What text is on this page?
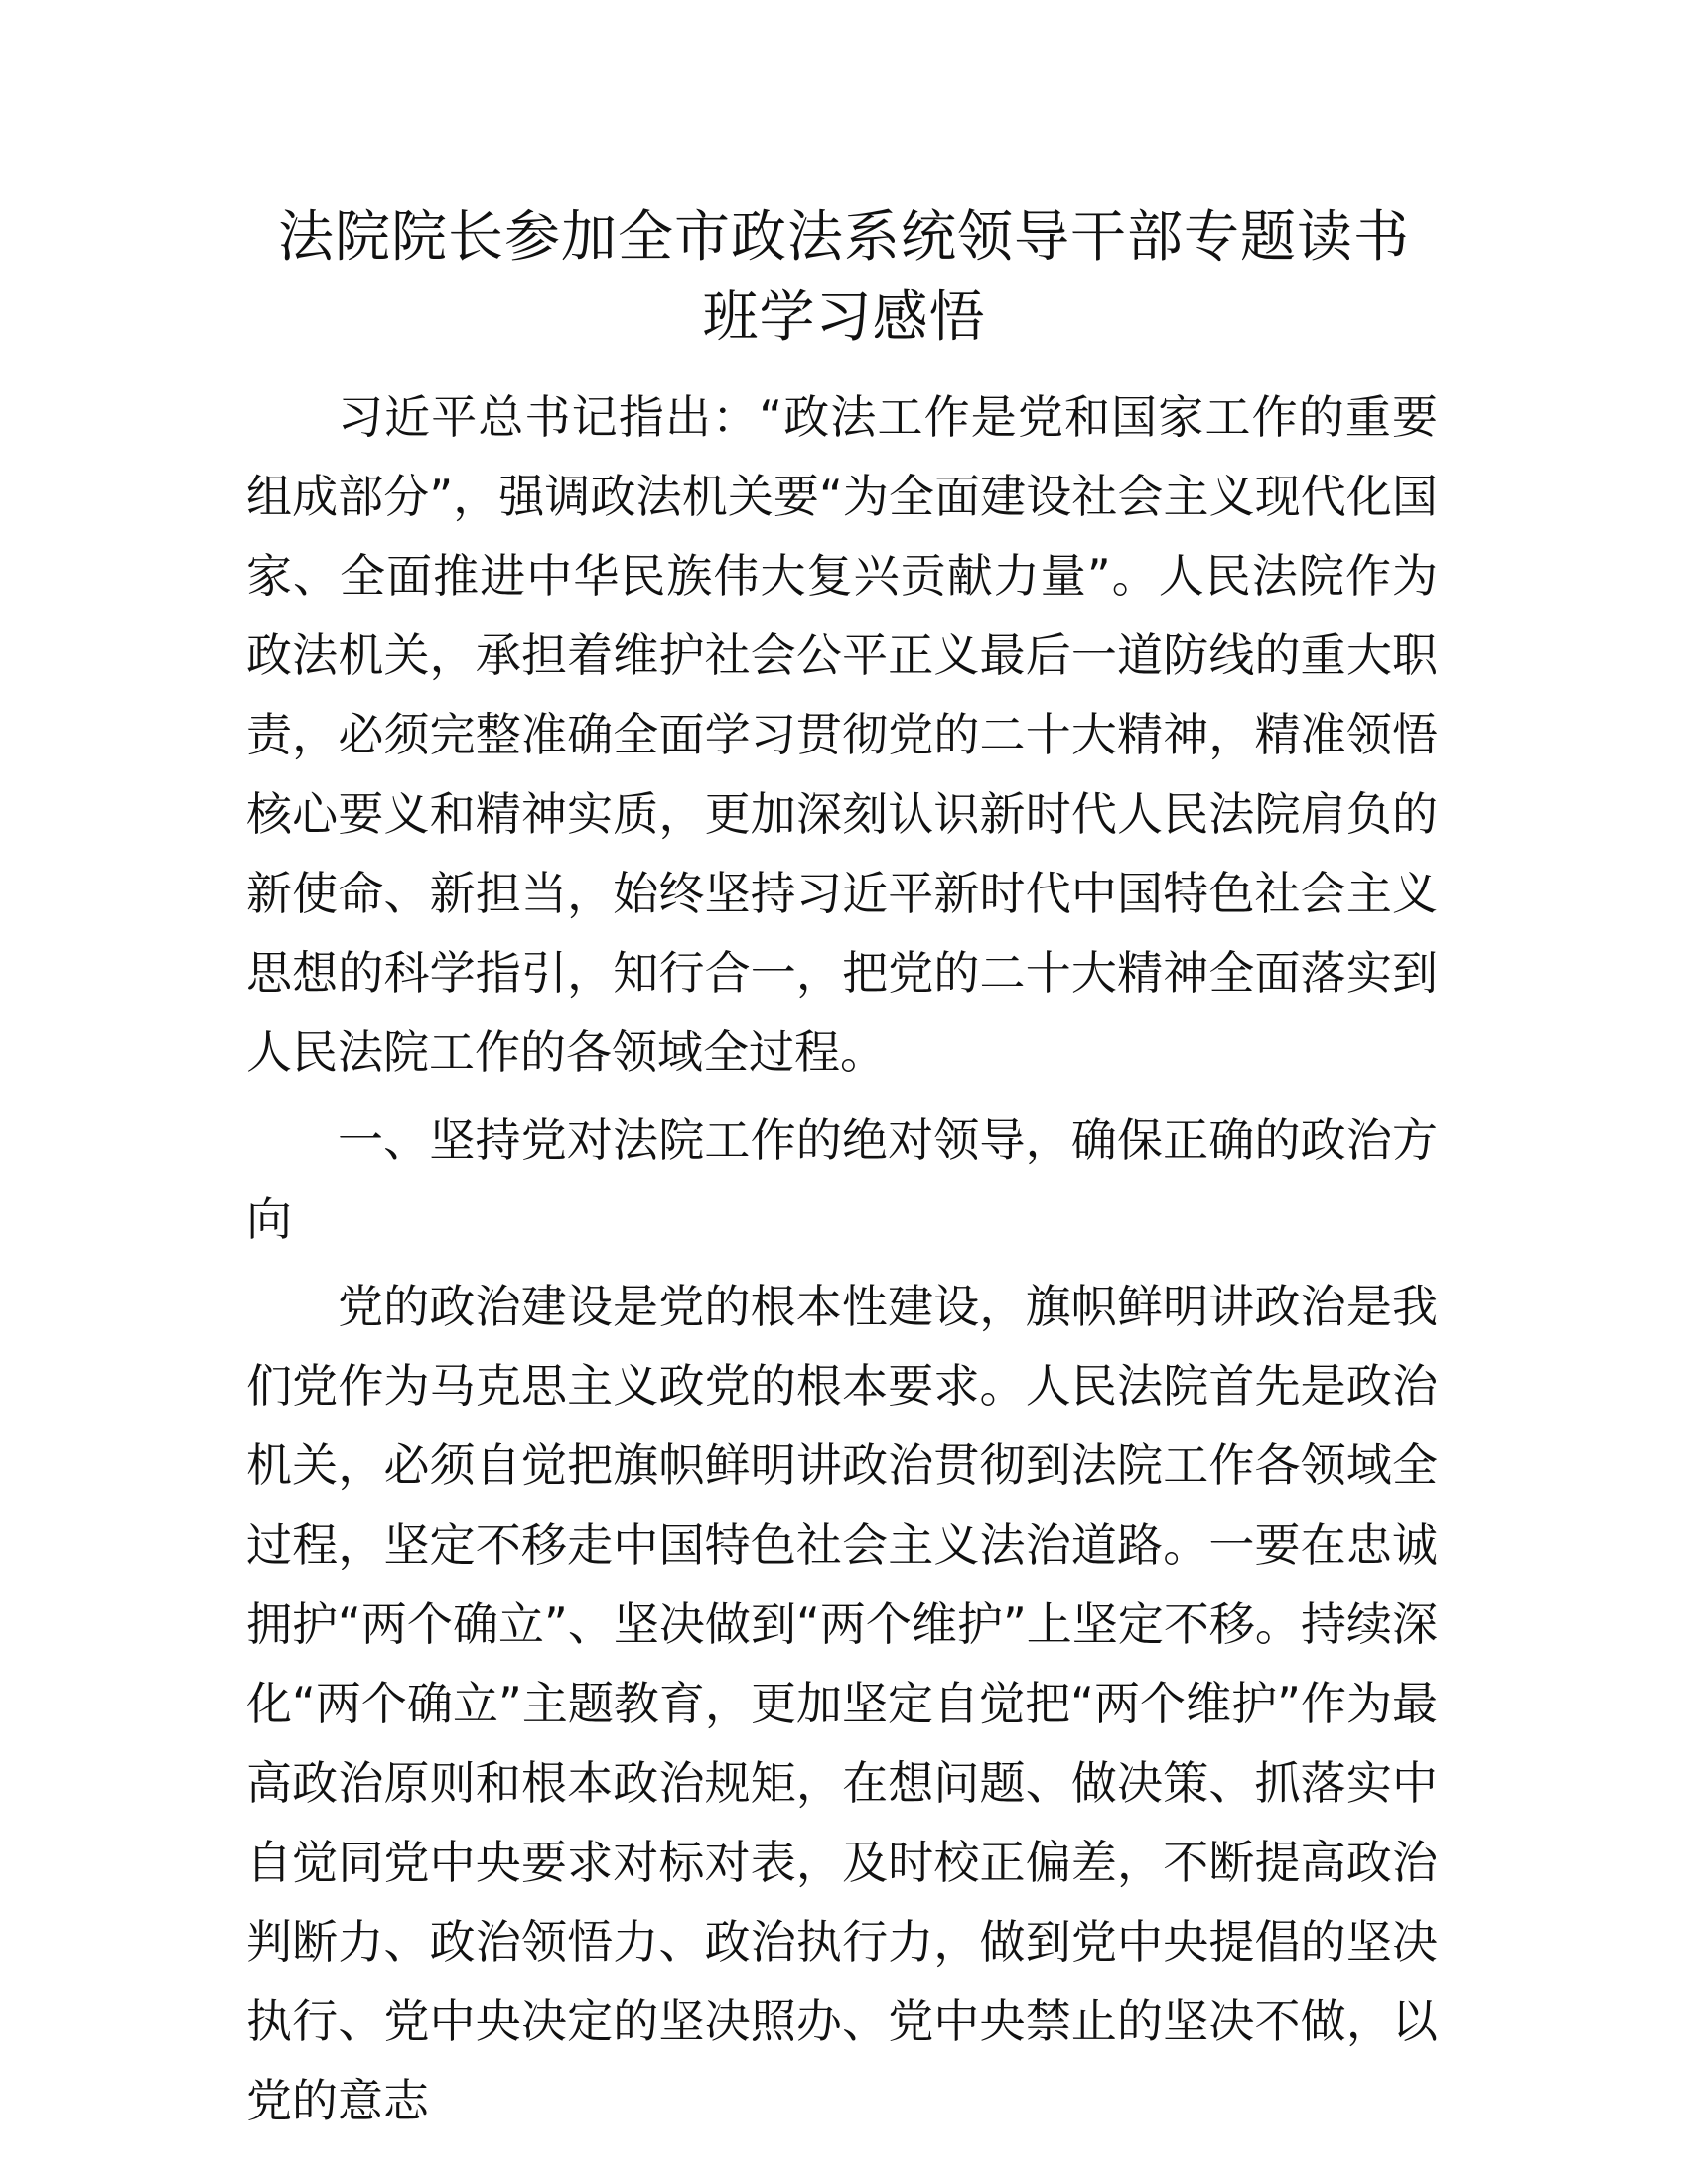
法院院长参加全市政法系统领导干部专题读书
班学习感悟

习近平总书记指出：“政法工作是党和国家工作的重要组成部分”，强调政法机关要“为全面建设社会主义现代化国家、全面推进中华民族伟大复兴贡献力量”。人民法院作为政法机关，承担着维护社会公平正义最后一道防线的重大职责，必须完整准确全面学习贯彻党的二十大精神，精准领悟核心要义和精神实质，更加深刻认识新时代人民法院肩负的新使命、新担当，始终坚持习近平新时代中国特色社会主义思想的科学指引，知行合一，把党的二十大精神全面落实到人民法院工作的各领域全过程。

一、坚持党对法院工作的绝对领导，确保正确的政治方向

党的政治建设是党的根本性建设，旗帜鲜明讲政治是我们党作为马克思主义政党的根本要求。人民法院首先是政治机关，必须自觉把旗帜鲜明讲政治贯彻到法院工作各领域全过程，坚定不移走中国特色社会主义法治道路。一要在忠诚拥护“两个确立”、坚决做到“两个维护”上坚定不移。持续深化“两个确立”主题教育，更加坚定自觉把“两个维护”作为最高政治原则和根本政治规矩，在想问题、做决策、抓落实中自觉同党中央要求对标对表，及时校正偏差，不断提高政治判断力、政治领悟力、政治执行力，做到党中央提倡的坚决执行、党中央决定的坚决照办、党中央禁止的坚决不做，以党的意志
